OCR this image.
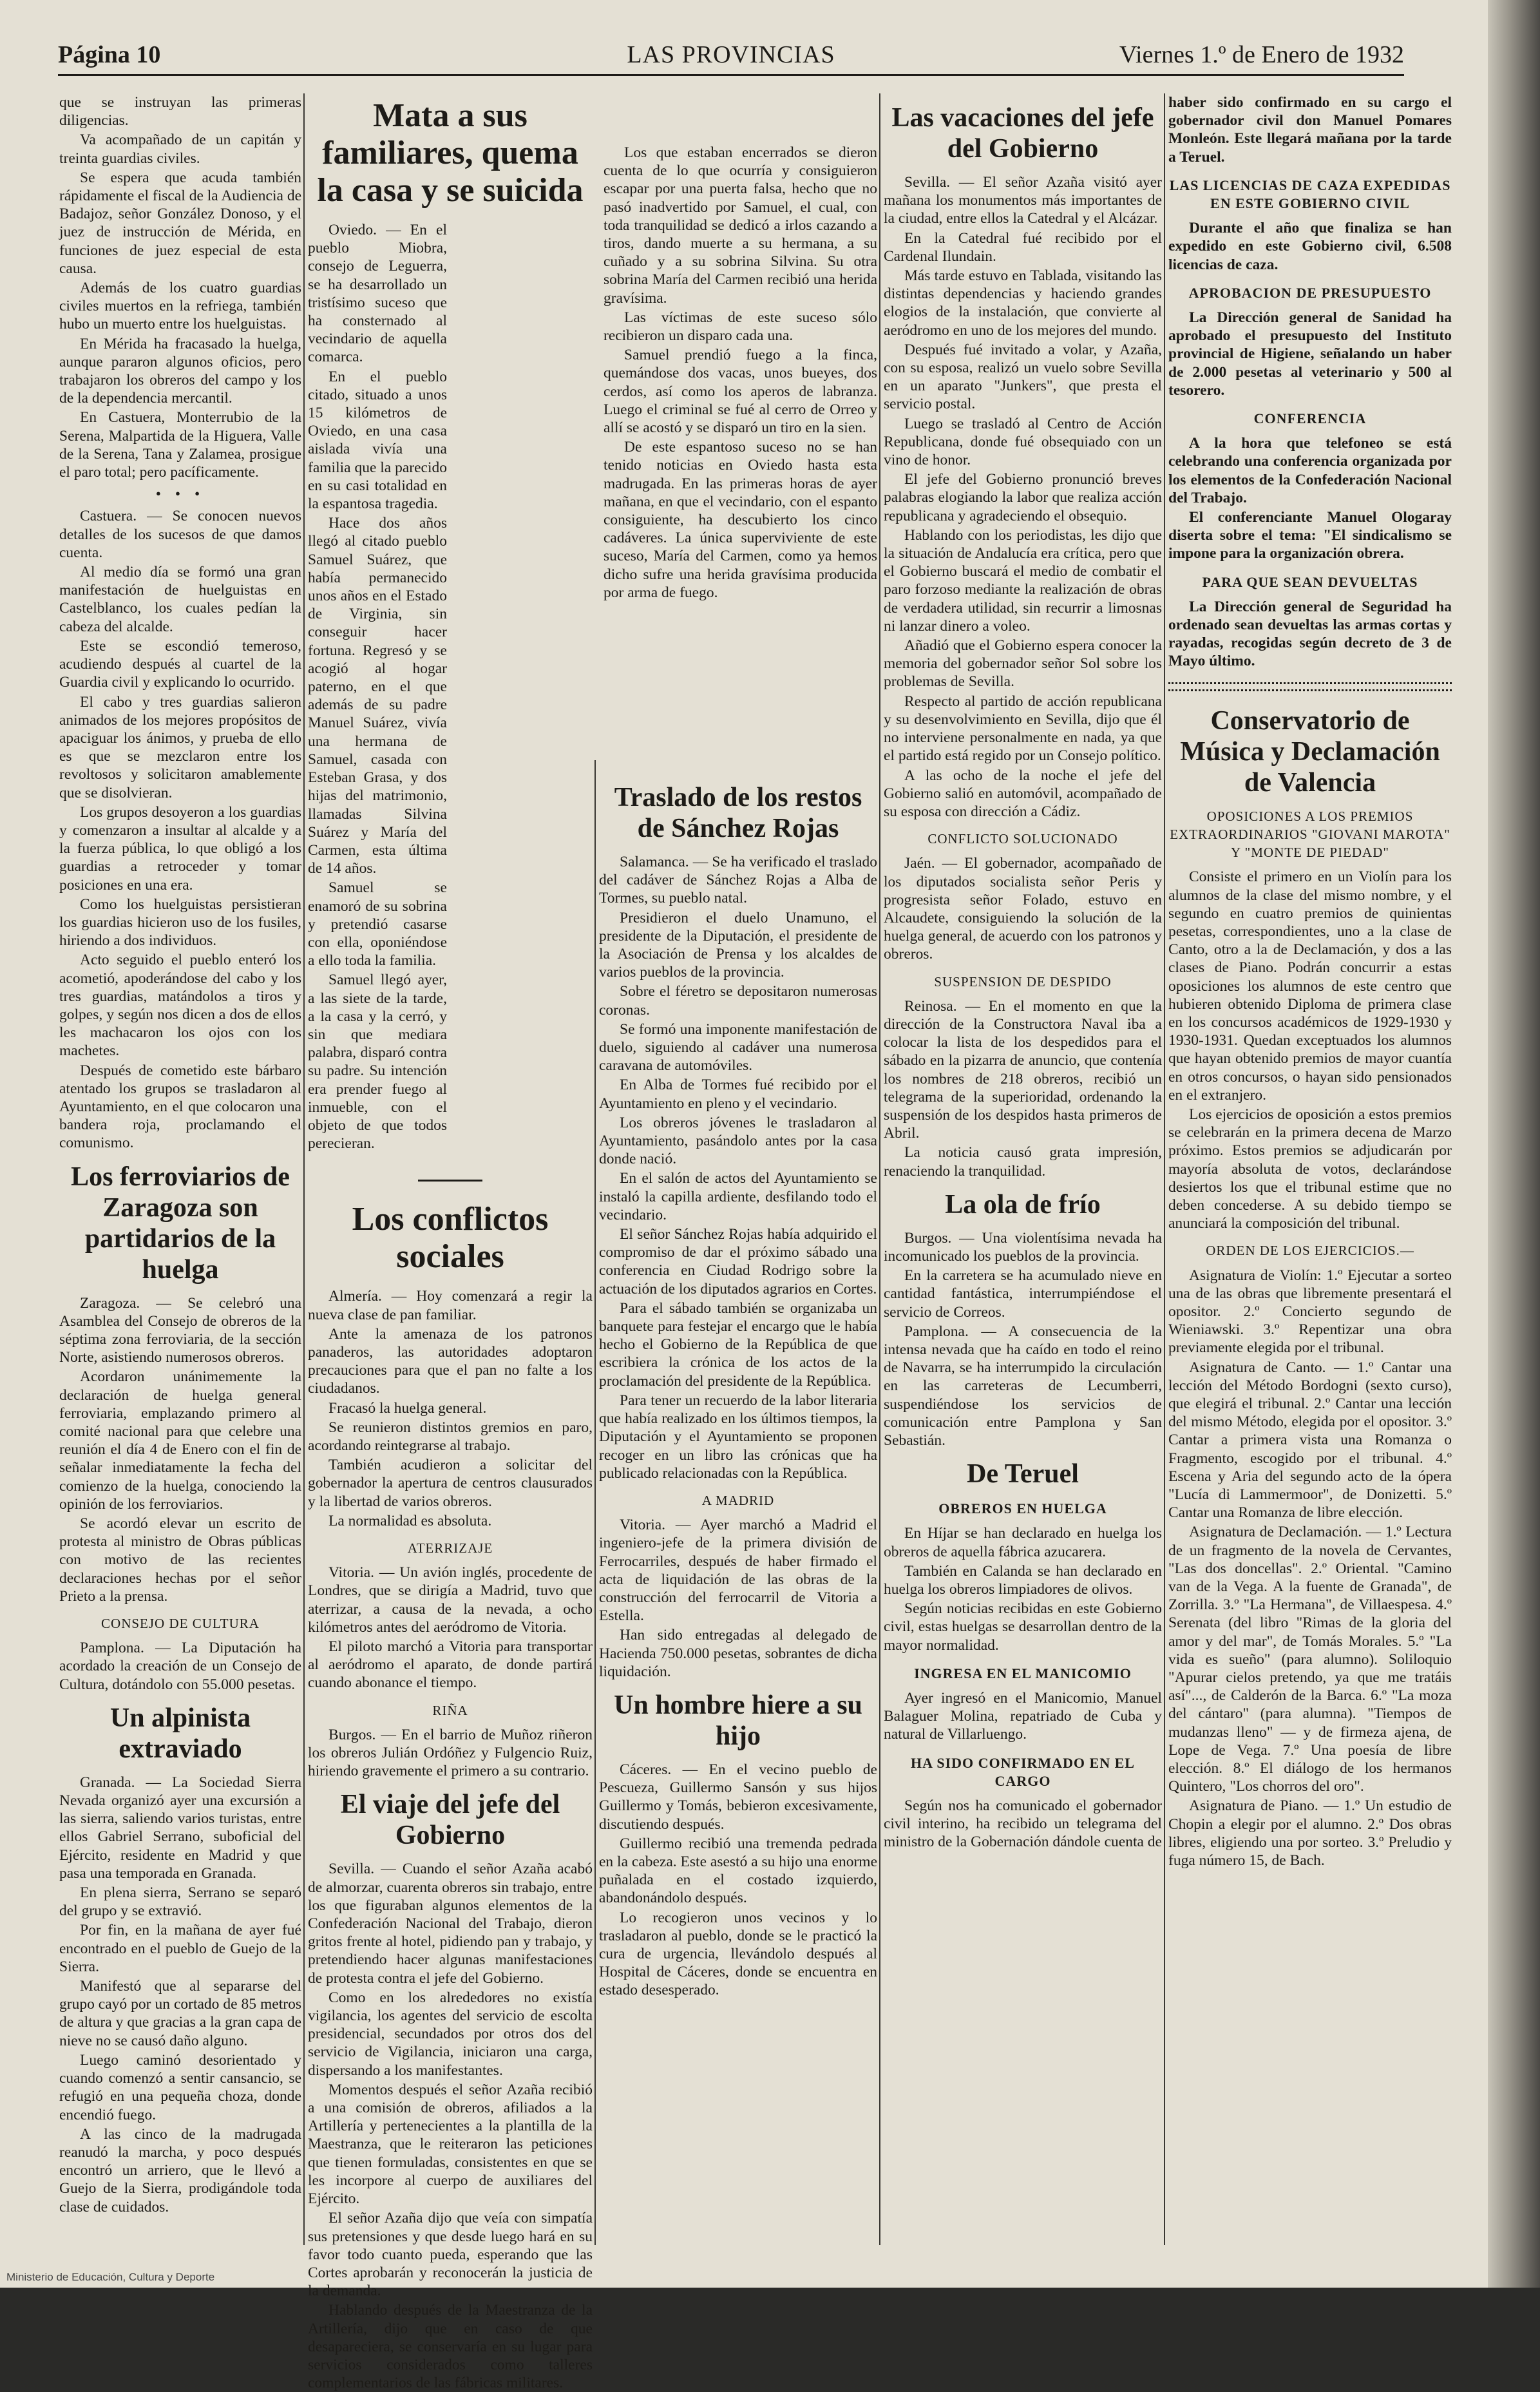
Página 10	LAS PROVINCIAS	Viernes 1.º de Enero de 1932

que se instruyan las primeras diligencias.

Va acompañado de un capitán y treinta guardias civiles.

Se espera que acuda también rápidamente el fiscal de la Audiencia de Badajoz, señor González Donoso, y el juez de instrucción de Mérida, en funciones de juez especial de esta causa.

Además de los cuatro guardias civiles muertos en la refriega, también hubo un muerto entre los huelguistas.

En Mérida ha fracasado la huelga, aunque pararon algunos oficios, pero trabajaron los obreros del campo y los de la dependencia mercantil.

En Castuera, Monterrubio de la Serena, Malpartida de la Higuera, Valle de la Serena, Tana y Zalamea, prosigue el paro total; pero pacíficamente.

• • •

Castuera. — Se conocen nuevos detalles de los sucesos de que damos cuenta.

Al medio día se formó una gran manifestación de huelguistas en Castelblanco, los cuales pedían la cabeza del alcalde.

Este se escondió temeroso, acudiendo después al cuartel de la Guardia civil y explicando lo ocurrido.

El cabo y tres guardias salieron animados de los mejores propósitos de apaciguar los ánimos, y prueba de ello es que se mezclaron entre los revoltosos y solicitaron amablemente que se disolvieran.

Los grupos desoyeron a los guardias y comenzaron a insultar al alcalde y a la fuerza pública, lo que obligó a los guardias a retroceder y tomar posiciones en una era.

Como los huelguistas persistieran los guardias hicieron uso de los fusiles, hiriendo a dos individuos.

Acto seguido el pueblo enteró los acometió, apoderándose del cabo y los tres guardias, matándolos a tiros y golpes, y según nos dicen a dos de ellos les machacaron los ojos con los machetes.

Después de cometido este bárbaro atentado los grupos se trasladaron al Ayuntamiento, en el que colocaron una bandera roja, proclamando el comunismo.

Los ferroviarios de Zaragoza son partidarios de la huelga

Zaragoza. — Se celebró una Asamblea del Consejo de obreros de la séptima zona ferroviaria, de la sección Norte, asistiendo numerosos obreros.

Acordaron unánimemente la declaración de huelga general ferroviaria, emplazando primero al comité nacional para que celebre una reunión el día 4 de Enero con el fin de señalar inmediatamente la fecha del comienzo de la huelga, conociendo la opinión de los ferroviarios.

Se acordó elevar un escrito de protesta al ministro de Obras públicas con motivo de las recientes declaraciones hechas por el señor Prieto a la prensa.

CONSEJO DE CULTURA

Pamplona. — La Diputación ha acordado la creación de un Consejo de Cultura, dotándolo con 55.000 pesetas.

Un alpinista extraviado

Granada. — La Sociedad Sierra Nevada organizó ayer una excursión a las sierra, saliendo varios turistas, entre ellos Gabriel Serrano, suboficial del Ejército, residente en Madrid y que pasa una temporada en Granada.

En plena sierra, Serrano se separó del grupo y se extravió.

Por fin, en la mañana de ayer fué encontrado en el pueblo de Guejo de la Sierra.

Manifestó que al separarse del grupo cayó por un cortado de 85 metros de altura y que gracias a la gran capa de nieve no se causó daño alguno.

Luego caminó desorientado y cuando comenzó a sentir cansancio, se refugió en una pequeña choza, donde encendió fuego.

A las cinco de la madrugada reanudó la marcha, y poco después encontró un arriero, que le llevó a Guejo de la Sierra, prodigándole toda clase de cuidados.

Mata a sus familiares, quema la casa y se suicida

Oviedo. — En el pueblo Miobra, consejo de Leguerra, se ha desarrollado un tristísimo suceso que ha consternado al vecindario de aquella comarca.

En el pueblo citado, situado a unos 15 kilómetros de Oviedo, en una casa aislada vivía una familia que la parecido en su casi totalidad en la espantosa tragedia.

Hace dos años llegó al citado pueblo Samuel Suárez, que había permanecido unos años en el Estado de Virginia, sin conseguir hacer fortuna. Regresó y se acogió al hogar paterno, en el que además de su padre Manuel Suárez, vivía una hermana de Samuel, casada con Esteban Grasa, y dos hijas del matrimonio, llamadas Silvina Suárez y María del Carmen, esta última de 14 años.

Samuel se enamoró de su sobrina y pretendió casarse con ella, oponiéndose a ello toda la familia.

Samuel llegó ayer, a las siete de la tarde, a la casa y la cerró, y sin que mediara palabra, disparó contra su padre. Su intención era prender fuego al inmueble, con el objeto de que todos perecieran.

Los conflictos sociales

Almería. — Hoy comenzará a regir la nueva clase de pan familiar.

Ante la amenaza de los patronos panaderos, las autoridades adoptaron precauciones para que el pan no falte a los ciudadanos.

Fracasó la huelga general.

Se reunieron distintos gremios en paro, acordando reintegrarse al trabajo.

También acudieron a solicitar del gobernador la apertura de centros clausurados y la libertad de varios obreros.

La normalidad es absoluta.

ATERRIZAJE

Vitoria. — Un avión inglés, procedente de Londres, que se dirigía a Madrid, tuvo que aterrizar, a causa de la nevada, a ocho kilómetros antes del aeródromo de Vitoria.

El piloto marchó a Vitoria para transportar al aeródromo el aparato, de donde partirá cuando abonance el tiempo.

RIÑA

Burgos. — En el barrio de Muñoz riñeron los obreros Julián Ordóñez y Fulgencio Ruiz, hiriendo gravemente el primero a su contrario.

El viaje del jefe del Gobierno

Sevilla. — Cuando el señor Azaña acabó de almorzar, cuarenta obreros sin trabajo, entre los que figuraban algunos elementos de la Confederación Nacional del Trabajo, dieron gritos frente al hotel, pidiendo pan y trabajo, y pretendiendo hacer algunas manifestaciones de protesta contra el jefe del Gobierno.

Como en los alrededores no existía vigilancia, los agentes del servicio de escolta presidencial, secundados por otros dos del servicio de Vigilancia, iniciaron una carga, dispersando a los manifestantes.

Momentos después el señor Azaña recibió a una comisión de obreros, afiliados a la Artillería y pertenecientes a la plantilla de la Maestranza, que le reiteraron las peticiones que tienen formuladas, consistentes en que se les incorpore al cuerpo de auxiliares del Ejército.

El señor Azaña dijo que veía con simpatía sus pretensiones y que desde luego hará en su favor todo cuanto pueda, esperando que las Cortes aprobarán y reconocerán la justicia de la demanda.

Hablando después de la Maestranza de la Artillería, dijo que en caso de que desapareciera, se conservaría en su lugar para servicios considerados como talleres complementarios de las fábricas militares.

Los que estaban encerrados se dieron cuenta de lo que ocurría y consiguieron escapar por una puerta falsa, hecho que no pasó inadvertido por Samuel, el cual, con toda tranquilidad se dedicó a irlos cazando a tiros, dando muerte a su hermana, a su cuñado y a su sobrina Silvina. Su otra sobrina María del Carmen recibió una herida gravísima.

Las víctimas de este suceso sólo recibieron un disparo cada una.

Samuel prendió fuego a la finca, quemándose dos vacas, unos bueyes, dos cerdos, así como los aperos de labranza. Luego el criminal se fué al cerro de Orreo y allí se acostó y se disparó un tiro en la sien.

De este espantoso suceso no se han tenido noticias en Oviedo hasta esta madrugada. En las primeras horas de ayer mañana, en que el vecindario, con el espanto consiguiente, ha descubierto los cinco cadáveres. La única superviviente de este suceso, María del Carmen, como ya hemos dicho sufre una herida gravísima producida por arma de fuego.

Traslado de los restos de Sánchez Rojas

Salamanca. — Se ha verificado el traslado del cadáver de Sánchez Rojas a Alba de Tormes, su pueblo natal.

Presidieron el duelo Unamuno, el presidente de la Diputación, el presidente de la Asociación de Prensa y los alcaldes de varios pueblos de la provincia.

Sobre el féretro se depositaron numerosas coronas.

Se formó una imponente manifestación de duelo, siguiendo al cadáver una numerosa caravana de automóviles.

En Alba de Tormes fué recibido por el Ayuntamiento en pleno y el vecindario.

Los obreros jóvenes le trasladaron al Ayuntamiento, pasándolo antes por la casa donde nació.

En el salón de actos del Ayuntamiento se instaló la capilla ardiente, desfilando todo el vecindario.

El señor Sánchez Rojas había adquirido el compromiso de dar el próximo sábado una conferencia en Ciudad Rodrigo sobre la actuación de los diputados agrarios en Cortes.

Para el sábado también se organizaba un banquete para festejar el encargo que le había hecho el Gobierno de la República de que escribiera la crónica de los actos de la proclamación del presidente de la República.

Para tener un recuerdo de la labor literaria que había realizado en los últimos tiempos, la Diputación y el Ayuntamiento se proponen recoger en un libro las crónicas que ha publicado relacionadas con la República.

A MADRID

Vitoria. — Ayer marchó a Madrid el ingeniero-jefe de la primera división de Ferrocarriles, después de haber firmado el acta de liquidación de las obras de la construcción del ferrocarril de Vitoria a Estella.

Han sido entregadas al delegado de Hacienda 750.000 pesetas, sobrantes de dicha liquidación.

Un hombre hiere a su hijo

Cáceres. — En el vecino pueblo de Pescueza, Guillermo Sansón y sus hijos Guillermo y Tomás, bebieron excesivamente, discutiendo después.

Guillermo recibió una tremenda pedrada en la cabeza. Este asestó a su hijo una enorme puñalada en el costado izquierdo, abandonándolo después.

Lo recogieron unos vecinos y lo trasladaron al pueblo, donde se le practicó la cura de urgencia, llevándolo después al Hospital de Cáceres, donde se encuentra en estado desesperado.

Las vacaciones del jefe del Gobierno

Sevilla. — El señor Azaña visitó ayer mañana los monumentos más importantes de la ciudad, entre ellos la Catedral y el Alcázar.

En la Catedral fué recibido por el Cardenal Ilundain.

Más tarde estuvo en Tablada, visitando las distintas dependencias y haciendo grandes elogios de la instalación, que convierte al aeródromo en uno de los mejores del mundo.

Después fué invitado a volar, y Azaña, con su esposa, realizó un vuelo sobre Sevilla en un aparato "Junkers", que presta el servicio postal.

Luego se trasladó al Centro de Acción Republicana, donde fué obsequiado con un vino de honor.

El jefe del Gobierno pronunció breves palabras elogiando la labor que realiza acción republicana y agradeciendo el obsequio.

Hablando con los periodistas, les dijo que la situación de Andalucía era crítica, pero que el Gobierno buscará el medio de combatir el paro forzoso mediante la realización de obras de verdadera utilidad, sin recurrir a limosnas ni lanzar dinero a voleo.

Añadió que el Gobierno espera conocer la memoria del gobernador señor Sol sobre los problemas de Sevilla.

Respecto al partido de acción republicana y su desenvolvimiento en Sevilla, dijo que él no interviene personalmente en nada, ya que el partido está regido por un Consejo político.

A las ocho de la noche el jefe del Gobierno salió en automóvil, acompañado de su esposa con dirección a Cádiz.

CONFLICTO SOLUCIONADO

Jaén. — El gobernador, acompañado de los diputados socialista señor Peris y progresista señor Folado, estuvo en Alcaudete, consiguiendo la solución de la huelga general, de acuerdo con los patronos y obreros.

SUSPENSION DE DESPIDO

Reinosa. — En el momento en que la dirección de la Constructora Naval iba a colocar la lista de los despedidos para el sábado en la pizarra de anuncio, que contenía los nombres de 218 obreros, recibió un telegrama de la superioridad, ordenando la suspensión de los despidos hasta primeros de Abril.

La noticia causó grata impresión, renaciendo la tranquilidad.

La ola de frío

Burgos. — Una violentísima nevada ha incomunicado los pueblos de la provincia.

En la carretera se ha acumulado nieve en cantidad fantástica, interrumpiéndose el servicio de Correos.

Pamplona. — A consecuencia de la intensa nevada que ha caído en todo el reino de Navarra, se ha interrumpido la circulación en las carreteras de Lecumberri, suspendiéndose los servicios de comunicación entre Pamplona y San Sebastián.

De Teruel
OBREROS EN HUELGA

En Híjar se han declarado en huelga los obreros de aquella fábrica azucarera.

También en Calanda se han declarado en huelga los obreros limpiadores de olivos.

Según noticias recibidas en este Gobierno civil, estas huelgas se desarrollan dentro de la mayor normalidad.

INGRESA EN EL MANICOMIO

Ayer ingresó en el Manicomio, Manuel Balaguer Molina, repatriado de Cuba y natural de Villarluengo.

HA SIDO CONFIRMADO EN EL CARGO

Según nos ha comunicado el gobernador civil interino, ha recibido un telegrama del ministro de la Gobernación dándole cuenta de

haber sido confirmado en su cargo el gobernador civil don Manuel Pomares Monleón. Este llegará mañana por la tarde a Teruel.

LAS LICENCIAS DE CAZA EXPEDIDAS EN ESTE GOBIERNO CIVIL

Durante el año que finaliza se han expedido en este Gobierno civil, 6.508 licencias de caza.

APROBACION DE PRESUPUESTO

La Dirección general de Sanidad ha aprobado el presupuesto del Instituto provincial de Higiene, señalando un haber de 2.000 pesetas al veterinario y 500 al tesorero.

CONFERENCIA

A la hora que telefoneo se está celebrando una conferencia organizada por los elementos de la Confederación Nacional del Trabajo.

El conferenciante Manuel Ologaray diserta sobre el tema: "El sindicalismo se impone para la organización obrera.

PARA QUE SEAN DEVUELTAS

La Dirección general de Seguridad ha ordenado sean devueltas las armas cortas y rayadas, recogidas según decreto de 3 de Mayo último.

Conservatorio de Música y Declamación de Valencia
OPOSICIONES A LOS PREMIOS EXTRAORDINARIOS "GIOVANI MAROTA" Y "MONTE DE PIEDAD"

Consiste el primero en un Violín para los alumnos de la clase del mismo nombre, y el segundo en cuatro premios de quinientas pesetas, correspondientes, uno a la clase de Canto, otro a la de Declamación, y dos a las clases de Piano. Podrán concurrir a estas oposiciones los alumnos de este centro que hubieren obtenido Diploma de primera clase en los concursos académicos de 1929-1930 y 1930-1931. Quedan exceptuados los alumnos que hayan obtenido premios de mayor cuantía en otros concursos, o hayan sido pensionados en el extranjero.

Los ejercicios de oposición a estos premios se celebrarán en la primera decena de Marzo próximo. Estos premios se adjudicarán por mayoría absoluta de votos, declarándose desiertos los que el tribunal estime que no deben concederse. A su debido tiempo se anunciará la composición del tribunal.

ORDEN DE LOS EJERCICIOS.—

Asignatura de Violín: 1.º Ejecutar a sorteo una de las obras que libremente presentará el opositor. 2.º Concierto segundo de Wieniawski. 3.º Repentizar una obra previamente elegida por el tribunal.

Asignatura de Canto. — 1.º Cantar una lección del Método Bordogni (sexto curso), que elegirá el tribunal. 2.º Cantar una lección del mismo Método, elegida por el opositor. 3.º Cantar a primera vista una Romanza o Fragmento, escogido por el tribunal. 4.º Escena y Aria del segundo acto de la ópera "Lucía di Lammermoor", de Donizetti. 5.º Cantar una Romanza de libre elección.

Asignatura de Declamación. — 1.º Lectura de un fragmento de la novela de Cervantes, "Las dos doncellas". 2.º Oriental. "Camino van de la Vega. A la fuente de Granada", de Zorrilla. 3.º "La Hermana", de Villaespesa. 4.º Serenata (del libro "Rimas de la gloria del amor y del mar", de Tomás Morales. 5.º "La vida es sueño" (para alumno). Soliloquio "Apurar cielos pretendo, ya que me tratáis así"..., de Calderón de la Barca. 6.º "La moza del cántaro" (para alumna). "Tiempos de mudanzas lleno" — y de firmeza ajena, de Lope de Vega. 7.º Una poesía de libre elección. 8.º El diálogo de los hermanos Quintero, "Los chorros del oro".

Asignatura de Piano. — 1.º Un estudio de Chopin a elegir por el alumno. 2.º Dos obras libres, eligiendo una por sorteo. 3.º Preludio y fuga número 15, de Bach.

Ministerio de Educación, Cultura y Deporte
